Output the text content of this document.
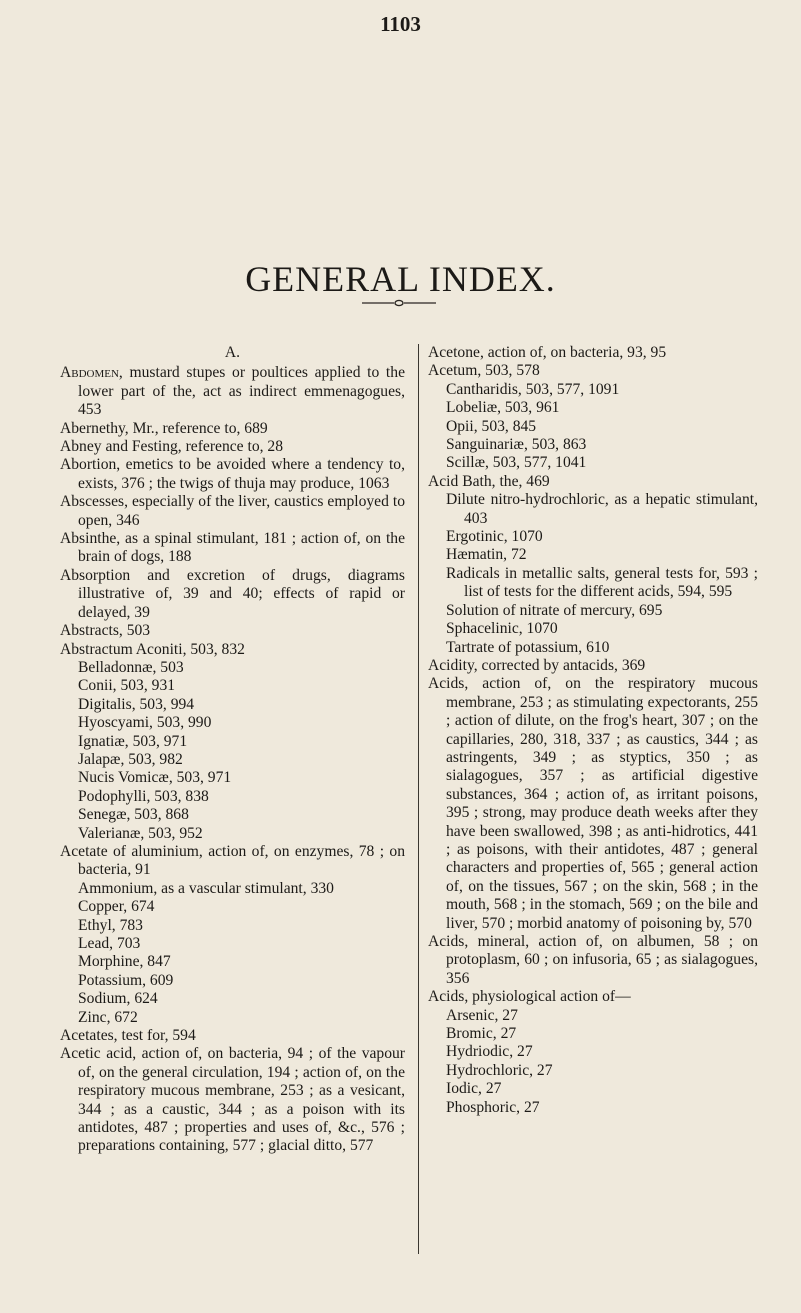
1103
GENERAL INDEX.
A.

Abdomen, mustard stupes or poultices applied to the lower part of the, act as indirect emmenagogues, 453

Abernethy, Mr., reference to, 689

Abney and Festing, reference to, 28

Abortion, emetics to be avoided where a tendency to, exists, 376 ; the twigs of thuja may produce, 1063

Abscesses, especially of the liver, caustics employed to open, 346

Absinthe, as a spinal stimulant, 181 ; action of, on the brain of dogs, 188

Absorption and excretion of drugs, diagrams illustrative of, 39 and 40; effects of rapid or delayed, 39

Abstracts, 503

Abstractum Aconiti, 503, 832

Belladonnæ, 503

Conii, 503, 931

Digitalis, 503, 994

Hyoscyami, 503, 990

Ignatiæ, 503, 971

Jalapæ, 503, 982

Nucis Vomicæ, 503, 971

Podophylli, 503, 838

Senegæ, 503, 868

Valerianæ, 503, 952

Acetate of aluminium, action of, on enzymes, 78 ; on bacteria, 91

Ammonium, as a vascular stimulant, 330

Copper, 674

Ethyl, 783

Lead, 703

Morphine, 847

Potassium, 609

Sodium, 624

Zinc, 672

Acetates, test for, 594

Acetic acid, action of, on bacteria, 94 ; of the vapour of, on the general circulation, 194 ; action of, on the respiratory mucous membrane, 253 ; as a vesicant, 344 ; as a caustic, 344 ; as a poison with its antidotes, 487 ; properties and uses of, &c., 576 ; preparations containing, 577 ; glacial ditto, 577

Acetone, action of, on bacteria, 93, 95

Acetum, 503, 578

Cantharidis, 503, 577, 1091

Lobeliæ, 503, 961

Opii, 503, 845

Sanguinariæ, 503, 863

Scillæ, 503, 577, 1041

Acid Bath, the, 469

Dilute nitro-hydrochloric, as a hepatic stimulant, 403

Ergotinic, 1070

Hæmatin, 72

Radicals in metallic salts, general tests for, 593 ; list of tests for the different acids, 594, 595

Solution of nitrate of mercury, 695

Sphacelinic, 1070

Tartrate of potassium, 610

Acidity, corrected by antacids, 369

Acids, action of, on the respiratory mucous membrane, 253 ; as stimulating expectorants, 255 ; action of dilute, on the frog's heart, 307 ; on the capillaries, 280, 318, 337 ; as caustics, 344 ; as astringents, 349 ; as styptics, 350 ; as sialagogues, 357 ; as artificial digestive substances, 364 ; action of, as irritant poisons, 395 ; strong, may produce death weeks after they have been swallowed, 398 ; as anti-hidrotics, 441 ; as poisons, with their antidotes, 487 ; general characters and properties of, 565 ; general action of, on the tissues, 567 ; on the skin, 568 ; in the mouth, 568 ; in the stomach, 569 ; on the bile and liver, 570 ; morbid anatomy of poisoning by, 570

Acids, mineral, action of, on albumen, 58 ; on protoplasm, 60 ; on infusoria, 65 ; as sialagogues, 356

Acids, physiological action of—

Arsenic, 27

Bromic, 27

Hydriodic, 27

Hydrochloric, 27

Iodic, 27

Phosphoric, 27
